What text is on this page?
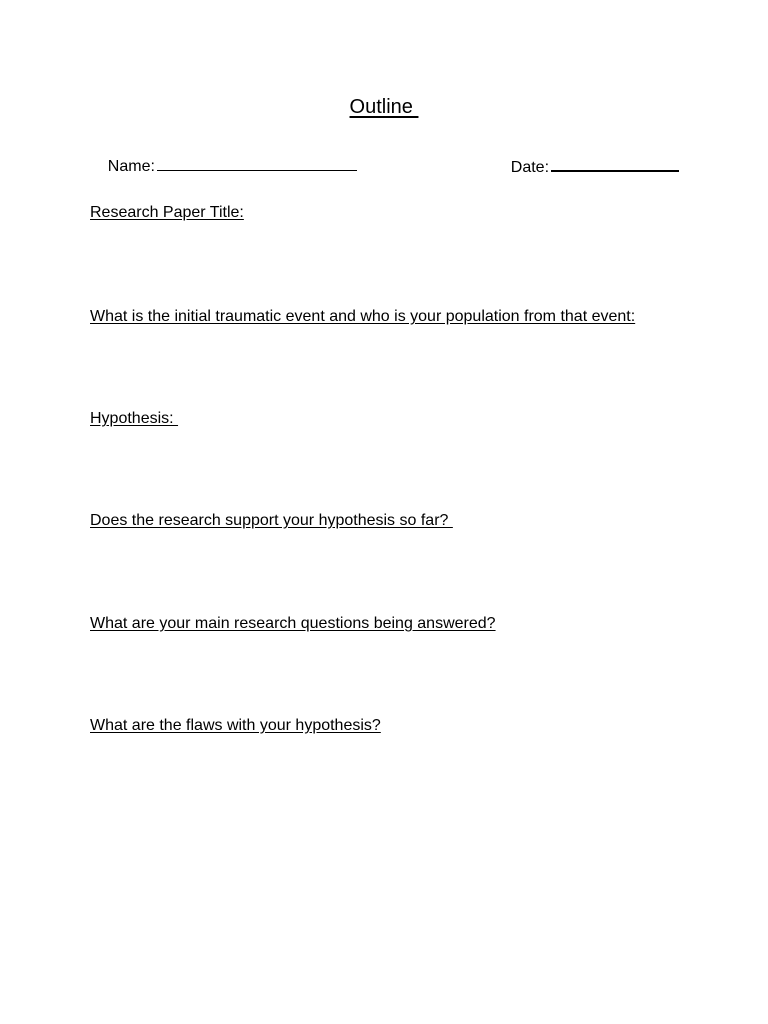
Outline

Name:
	Date:

Research Paper Title:
What is the initial traumatic event and who is your population from that event:
Hypothesis:
Does the research support your hypothesis so far?
What are your main research questions being answered?
What are the flaws with your hypothesis?
